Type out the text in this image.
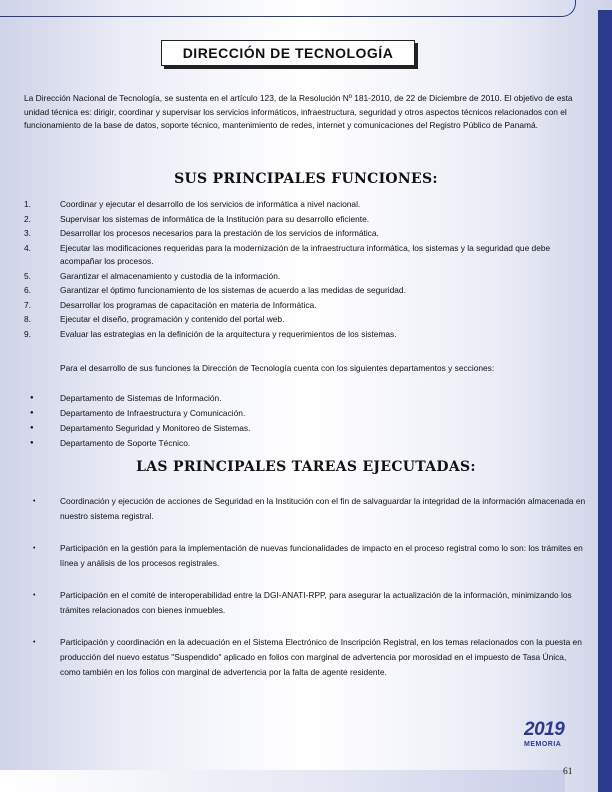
DIRECCIÓN DE TECNOLOGÍA

La Dirección Nacional de Tecnología, se sustenta en el artículo 123, de la Resolución Nº 181-2010, de 22 de Diciembre de 2010. El objetivo de esta unidad técnica es: dirigir, coordinar y supervisar los servicios informáticos, infraestructura, seguridad y otros aspectos técnicos relacionados con el funcionamiento de la base de datos, soporte técnico, mantenimiento de redes, internet y comunicaciones del Registro Público de Panamá.

SUS PRINCIPALES FUNCIONES:
1.	Coordinar y ejecutar el desarrollo de los servicios de informática a nivel nacional.
2.	Supervisar los sistemas de informática de la Institución para su desarrollo eficiente.
3.	Desarrollar los procesos necesarios para la prestación de los servicios de informática.
4.	Ejecutar las modificaciones requeridas para la modernización de la infraestructura informática, los sistemas y la seguridad que debe acompañar los procesos.
5.	Garantizar el almacenamiento y custodia de la información.
6.	Garantizar el óptimo funcionamiento de los sistemas de acuerdo a las medidas de seguridad.
7.	Desarrollar los programas de capacitación en materia de Informática.
8.	Ejecutar el diseño, programación y contenido del portal web.
9.	Evaluar las estrategias en la definición de la arquitectura y requerimientos de los sistemas.

Para el desarrollo de sus funciones la Dirección de Tecnología cuenta con los siguientes departamentos y secciones:

●	Departamento de Sistemas de Información.
●	Departamento de Infraestructura y Comunicación.
●	Departamento Seguridad y Monitoreo de Sistemas.
●	Departamento de Soporte Técnico.
LAS PRINCIPALES TAREAS EJECUTADAS:
•	Coordinación y ejecución de acciones de Seguridad en la Institución con el fin de salvaguardar la integridad de la información almacenada en nuestro sistema registral.
•	Participación en la gestión para la implementación de nuevas funcionalidades de impacto en el proceso registral como lo son: los trámites en línea y análisis de los procesos registrales.
•	Participación en el comité de interoperabilidad entre la DGI-ANATI-RPP, para asegurar la actualización de la información, minimizando los trámites relacionados con bienes inmuebles.
•	Participación y coordinación en la adecuación en el Sistema Electrónico de Inscripción Registral, en los temas relacionados con la puesta en producción del nuevo estatus "Suspendido" aplicado en folios con marginal de advertencia por morosidad en el impuesto de Tasa Única, como también en los folios con marginal de advertencia por la falta de agente residente.
2019
MEMORIA
61
